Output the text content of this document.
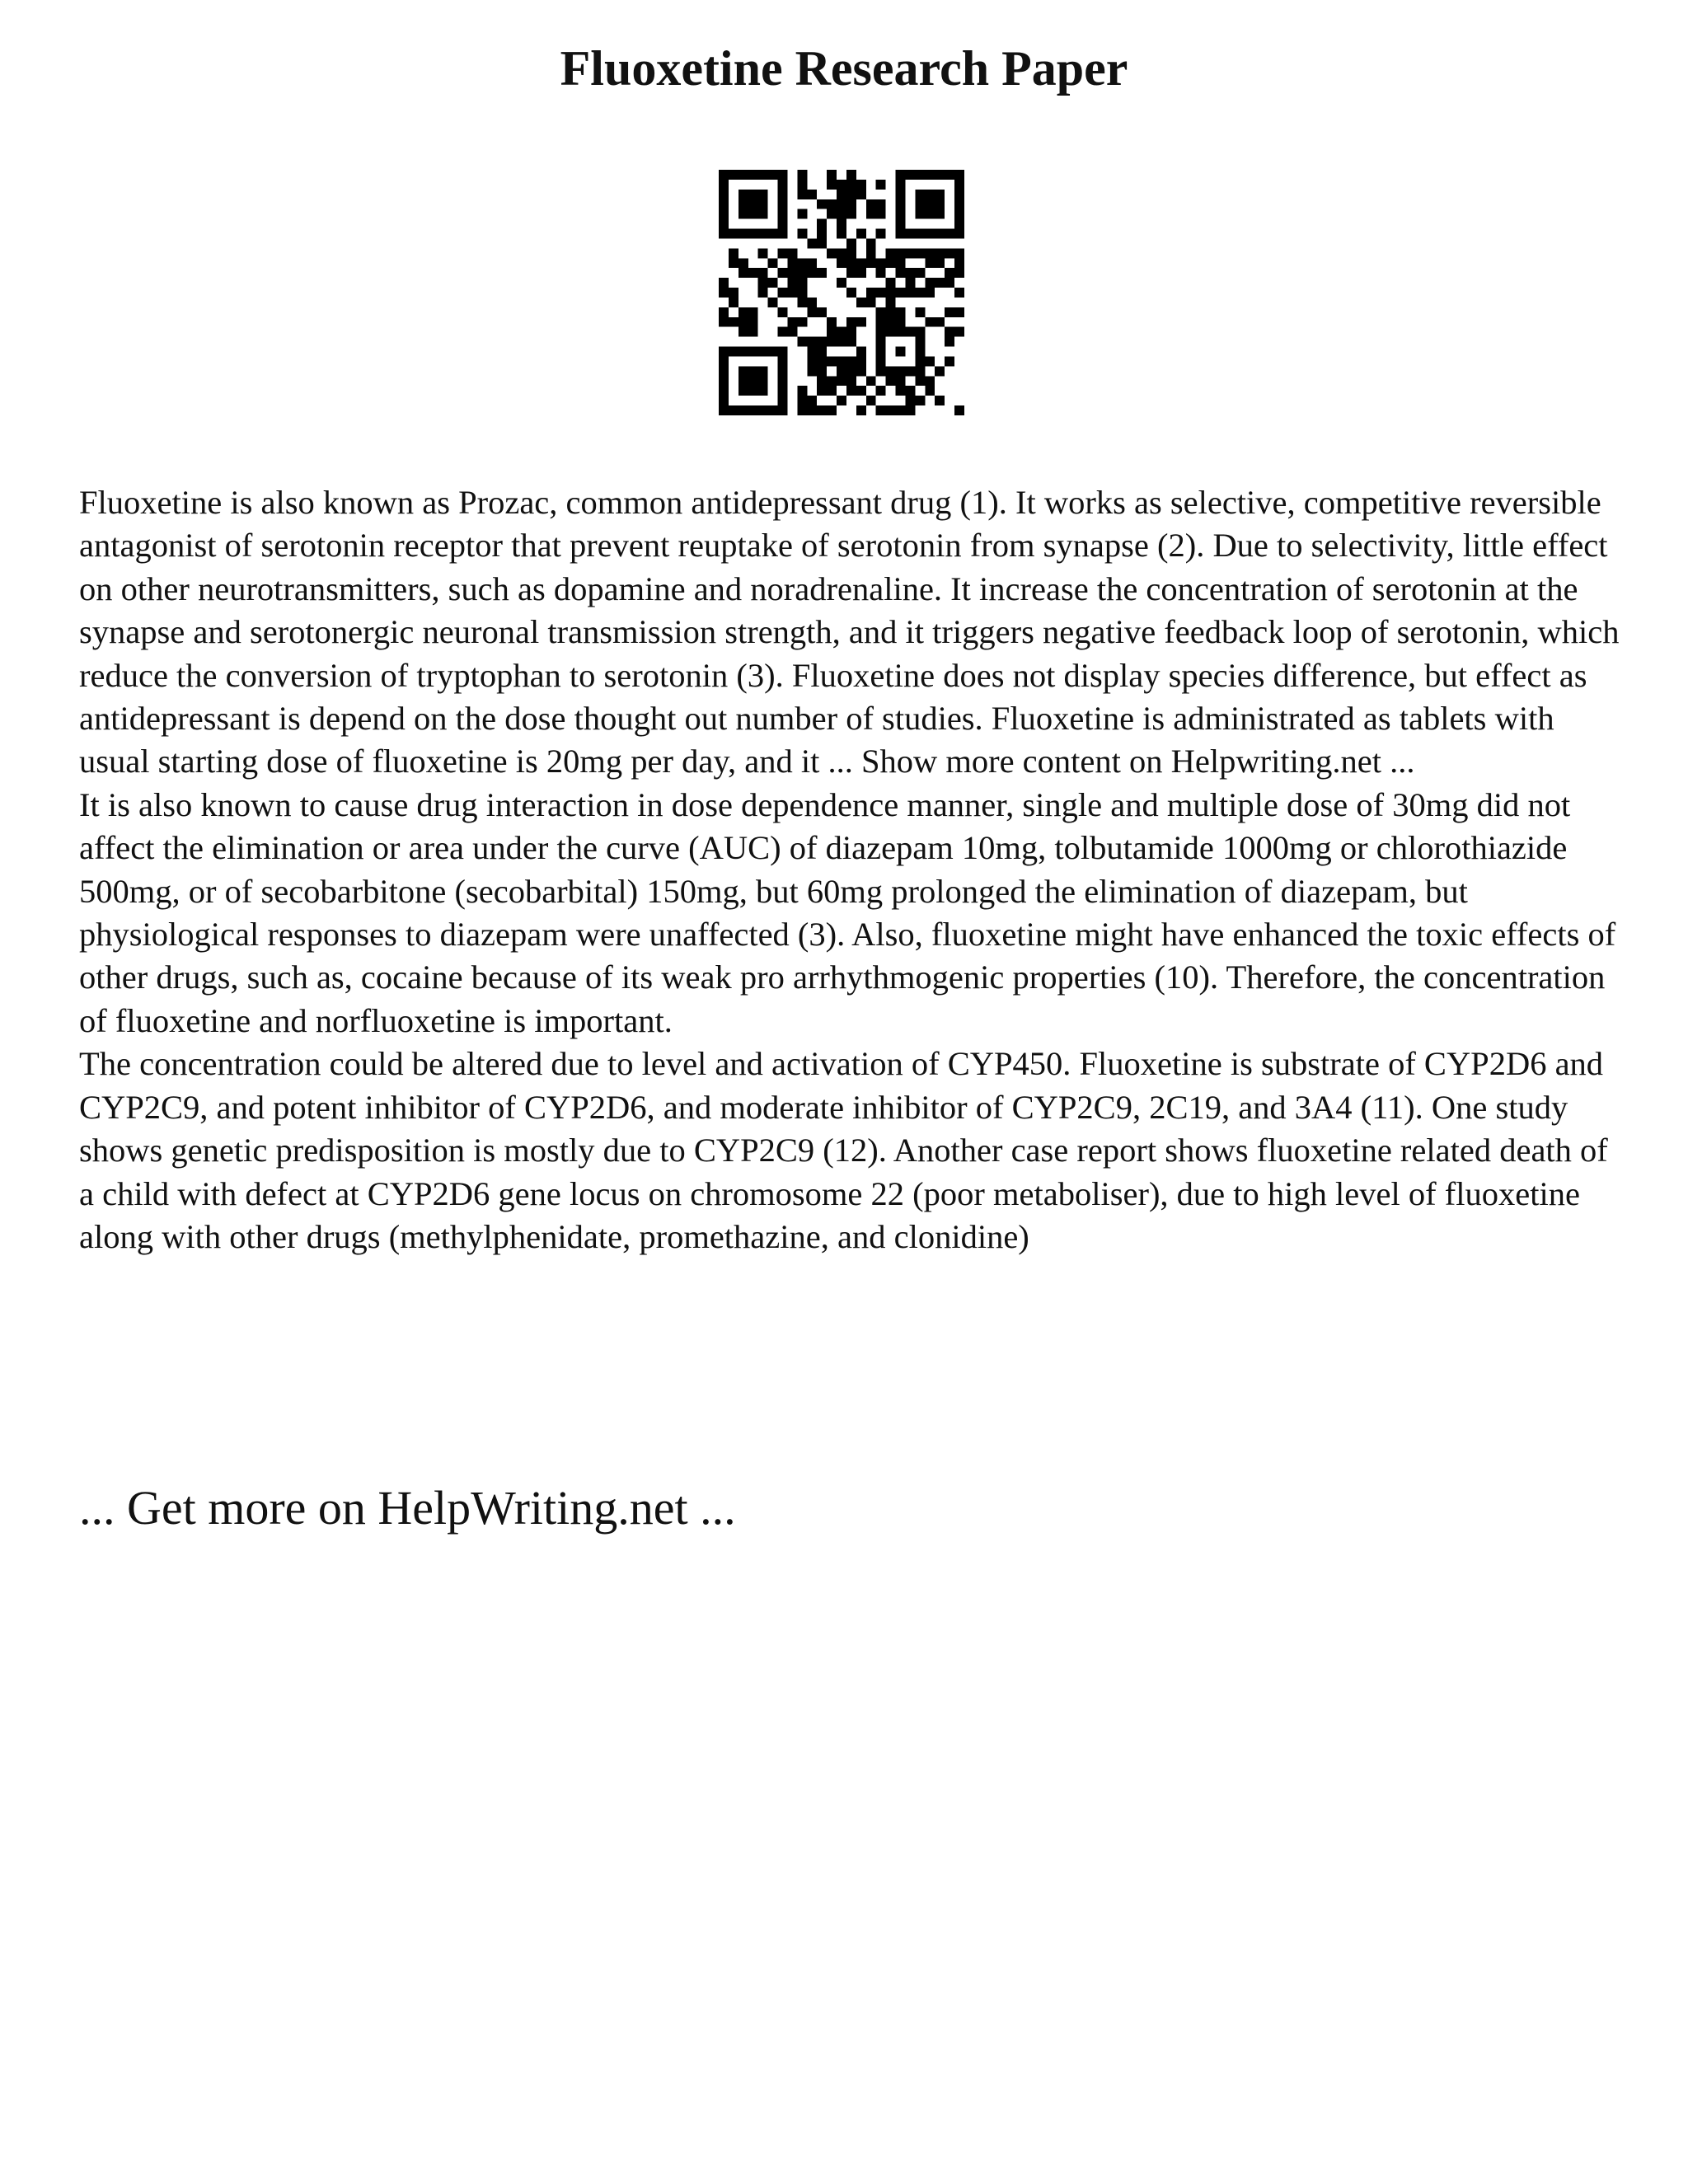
Fluoxetine Research Paper

Fluoxetine is also known as Prozac, common antidepressant drug (1). It works as selective, competitive reversible antagonist of serotonin receptor that prevent reuptake of serotonin from synapse (2). Due to selectivity, little effect on other neurotransmitters, such as dopamine and noradrenaline. It increase the concentration of serotonin at the synapse and serotonergic neuronal transmission strength, and it triggers negative feedback loop of serotonin, which reduce the conversion of tryptophan to serotonin (3). Fluoxetine does not display species difference, but effect as antidepressant is depend on the dose thought out number of studies. Fluoxetine is administrated as tablets with usual starting dose of fluoxetine is 20mg per day, and it ... Show more content on Helpwriting.net ...

It is also known to cause drug interaction in dose dependence manner, single and multiple dose of 30mg did not affect the elimination or area under the curve (AUC) of diazepam 10mg, tolbutamide 1000mg or chlorothiazide 500mg, or of secobarbitone (secobarbital) 150mg, but 60mg prolonged the elimination of diazepam, but physiological responses to diazepam were unaffected (3). Also, fluoxetine might have enhanced the toxic effects of other drugs, such as, cocaine because of its weak pro arrhythmogenic properties (10). Therefore, the concentration of fluoxetine and norfluoxetine is important.

The concentration could be altered due to level and activation of CYP450. Fluoxetine is substrate of CYP2D6 and CYP2C9, and potent inhibitor of CYP2D6, and moderate inhibitor of CYP2C9, 2C19, and 3A4 (11). One study shows genetic predisposition is mostly due to CYP2C9 (12). Another case report shows fluoxetine related death of a child with defect at CYP2D6 gene locus on chromosome 22 (poor metaboliser), due to high level of fluoxetine along with other drugs (methylphenidate, promethazine, and clonidine)

... Get more on HelpWriting.net ...
